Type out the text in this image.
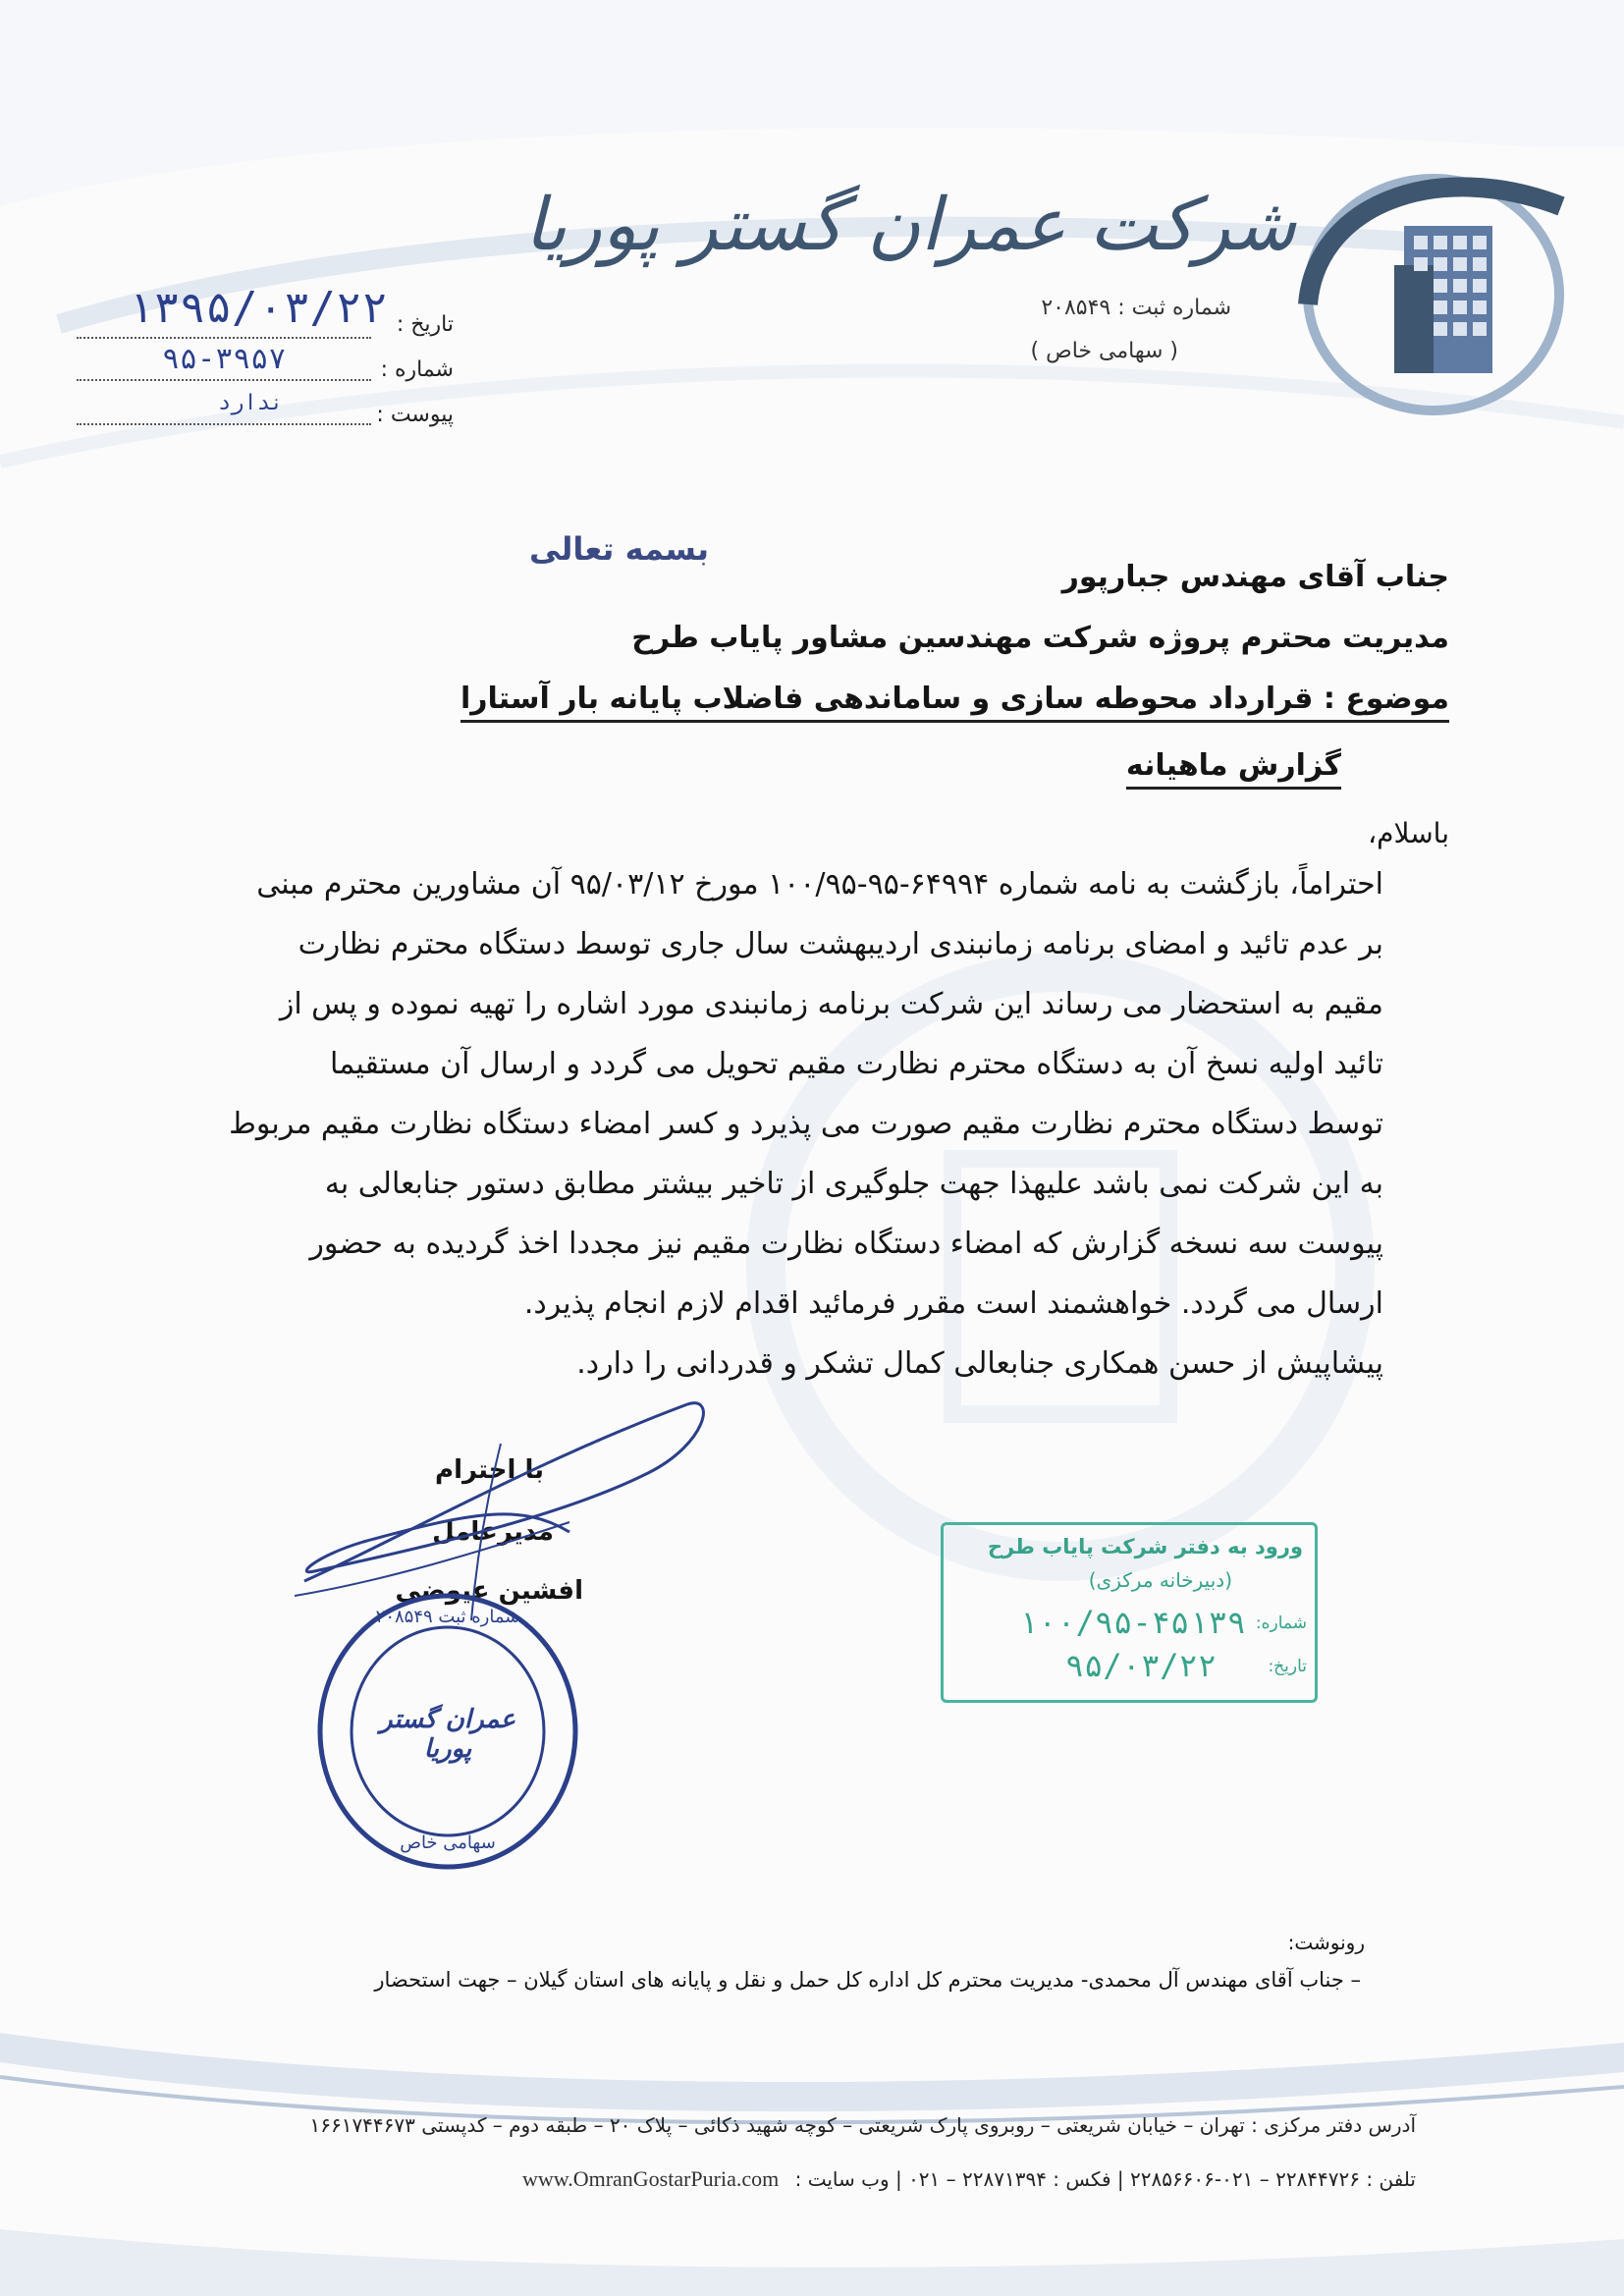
شرکت عمران گستر پوریا
شماره ثبت : ۲۰۸۵۴۹
( سهامی خاص )
تاریخ :
شماره :
پیوست :
۱۳۹۵/۰۳/۲۲
۹۵-۳۹۵۷
ندارد
بسمه تعالی
جناب آقای مهندس جبارپور
مدیریت محترم پروژه شرکت مهندسین مشاور پایاب طرح
موضوع : قرارداد محوطه سازی و ساماندهی فاضلاب پایانه بار آستارا
گزارش ماهیانه
باسلام،
احتراماً، بازگشت به نامه شماره ۶۴۹۹۴-۹۵-۱۰۰/۹۵ مورخ ۹۵/۰۳/۱۲ آن مشاورین محترم مبنی
بر عدم تائید و امضای برنامه زمانبندی اردیبهشت سال جاری توسط دستگاه محترم نظارت
مقیم به استحضار می رساند این شرکت برنامه زمانبندی مورد اشاره را تهیه نموده و پس از
تائید اولیه نسخ آن به دستگاه محترم نظارت مقیم تحویل می گردد و ارسال آن مستقیما
توسط دستگاه محترم نظارت مقیم صورت می پذیرد و کسر امضاء دستگاه نظارت مقیم مربوط
به این شرکت نمی باشد علیهذا جهت جلوگیری از تاخیر بیشتر مطابق دستور جنابعالی به
پیوست سه نسخه گزارش که امضاء دستگاه نظارت مقیم نیز مجددا اخذ گردیده به حضور
ارسال می گردد. خواهشمند است مقرر فرمائید اقدام لازم انجام پذیرد.
پیشاپیش از حسن همکاری جنابعالی کمال تشکر و قدردانی را دارد.
با احترام
مدیرعامل
افشین عیوضی
شماره ثبت ۲۰۸۵۴۹
عمران گستر پوریا
سهامی خاص
ورود به دفتر شرکت پایاب طرح
(دبیرخانه مرکزی)
شماره:
۱۰۰/۹۵-۴۵۱۳۹
تاریخ:
۹۵/۰۳/۲۲
رونوشت:
– جناب آقای مهندس آل محمدی- مدیریت محترم کل اداره کل حمل و نقل و پایانه های استان گیلان – جهت استحضار
آدرس دفتر مرکزی : تهران – خیابان شریعتی – روبروی پارک شریعتی – کوچه شهید ذکائی – پلاک ۲۰ – طبقه دوم – کدپستی ۱۶۶۱۷۴۴۶۷۳
تلفن : ۲۲۸۴۴۷۲۶ – ۰۲۱-۲۲۸۵۶۶۰۶ | فکس : ۲۲۸۷۱۳۹۴ – ۰۲۱ | وب سایت : www.OmranGostarPuria.com
